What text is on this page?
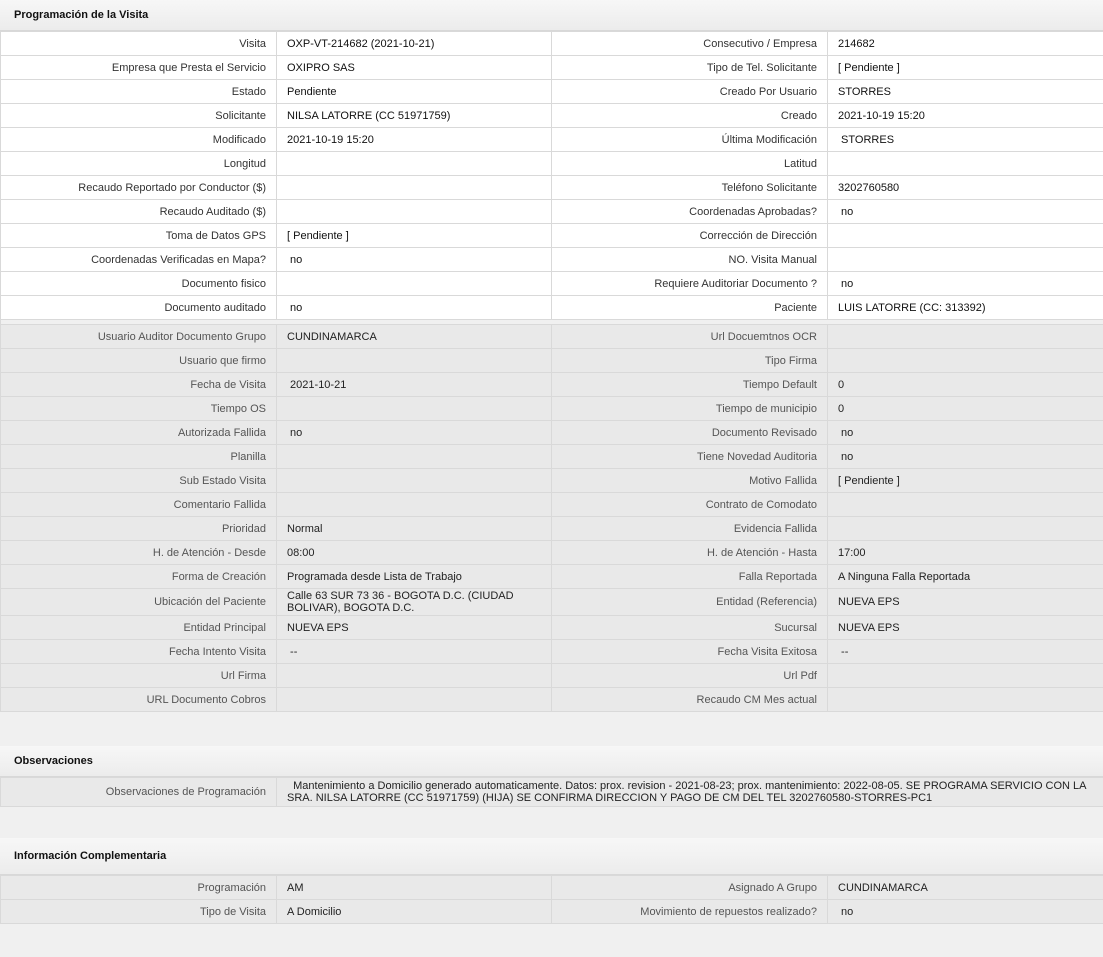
Programación de la Visita
Visita	OXP-VT-214682 (2021-10-21)	Consecutivo / Empresa	214682
Empresa que Presta el Servicio	OXIPRO SAS	Tipo de Tel. Solicitante	[ Pendiente ]
Estado	Pendiente	Creado Por Usuario	STORRES
Solicitante	NILSA LATORRE (CC 51971759)	Creado	2021-10-19 15:20
Modificado	2021-10-19 15:20	Última Modificación	STORRES
Longitud		Latitud	
Recaudo Reportado por Conductor ($)		Teléfono Solicitante	3202760580
Recaudo Auditado ($)		Coordenadas Aprobadas?	no
Toma de Datos GPS	[ Pendiente ]	Corrección de Dirección	
Coordenadas Verificadas en Mapa?	no	NO. Visita Manual	
Documento fisico		Requiere Auditoriar Documento ?	no
Documento auditado	no	Paciente	LUIS LATORRE (CC: 313392)

Usuario Auditor Documento Grupo	CUNDINAMARCA	Url Docuemtnos OCR	
Usuario que firmo		Tipo Firma	
Fecha de Visita	2021-10-21	Tiempo Default	0
Tiempo OS		Tiempo de municipio	0
Autorizada Fallida	no	Documento Revisado	no
Planilla		Tiene Novedad Auditoria	no
Sub Estado Visita		Motivo Fallida	[ Pendiente ]
Comentario Fallida		Contrato de Comodato	
Prioridad	Normal	Evidencia Fallida	
H. de Atención - Desde	08:00	H. de Atención - Hasta	17:00
Forma de Creación	Programada desde Lista de Trabajo	Falla Reportada	A Ninguna Falla Reportada
Ubicación del Paciente	Calle 63 SUR 73 36 - BOGOTA D.C. (CIUDAD BOLIVAR), BOGOTA D.C.	Entidad (Referencia)	NUEVA EPS
Entidad Principal	NUEVA EPS	Sucursal	NUEVA EPS
Fecha Intento Visita	--	Fecha Visita Exitosa	--
Url Firma		Url Pdf	
URL Documento Cobros		Recaudo CM Mes actual	
Observaciones
Observaciones de Programación	Mantenimiento a Domicilio generado automaticamente. Datos: prox. revision - 2021-08-23; prox. mantenimiento: 2022-08-05. SE PROGRAMA SERVICIO CON LA SRA. NILSA LATORRE (CC 51971759) (HIJA) SE CONFIRMA DIRECCION Y PAGO DE CM DEL TEL 3202760580-STORRES-PC1
Información Complementaria
Programación	AM	Asignado A Grupo	CUNDINAMARCA
Tipo de Visita	A Domicilio	Movimiento de repuestos realizado?	no
